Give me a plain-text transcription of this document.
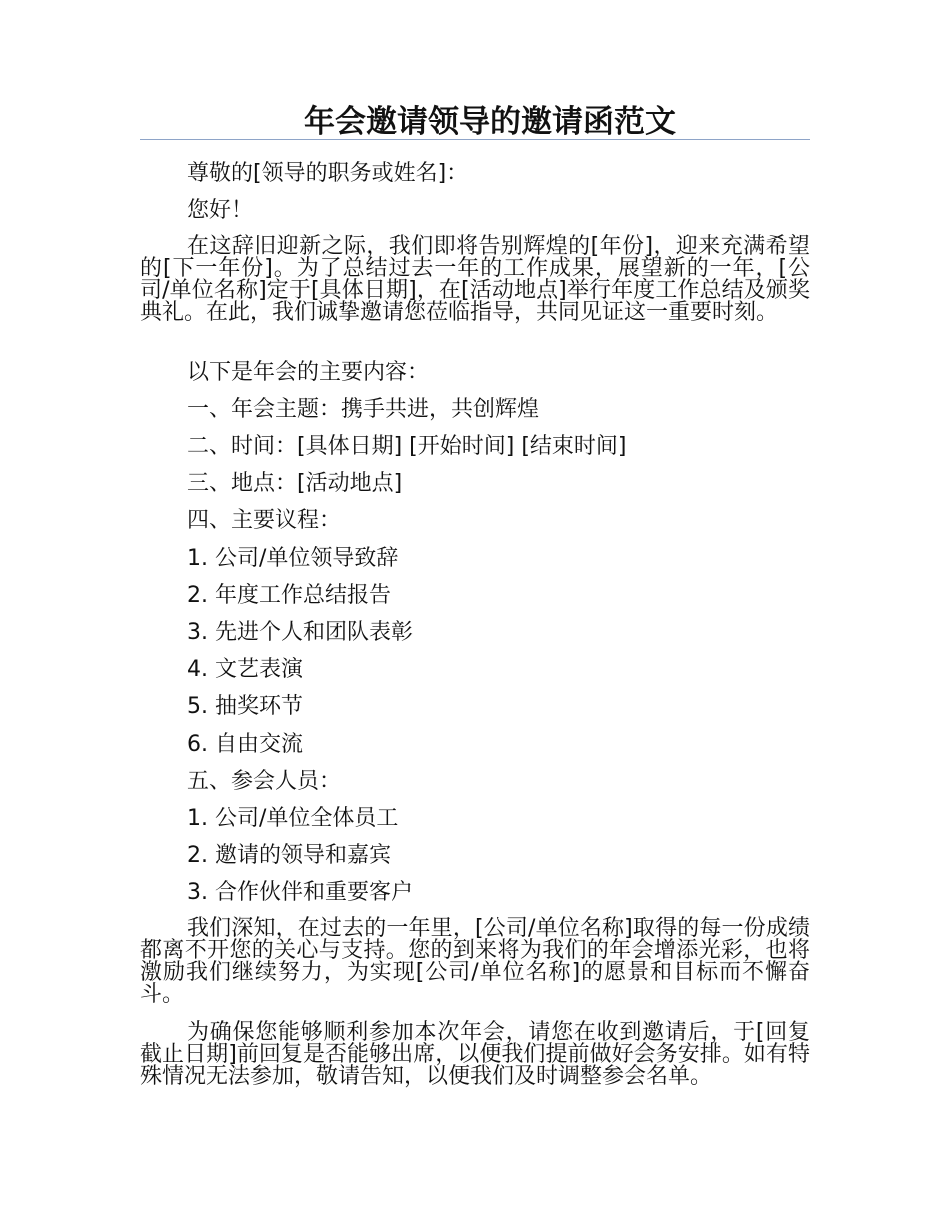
年会邀请领导的邀请函范文

尊敬的[领导的职务或姓名]：

您好！

在这辞旧迎新之际，我们即将告别辉煌的[年份]，迎来充满希望的[下一年份]。为了总结过去一年的工作成果，展望新的一年，[公司/单位名称]定于[具体日期]，在[活动地点]举行年度工作总结及颁奖典礼。在此，我们诚挚邀请您莅临指导，共同见证这一重要时刻。

以下是年会的主要内容：

一、年会主题：携手共进，共创辉煌

二、时间：[具体日期] [开始时间] [结束时间]

三、地点：[活动地点]

四、主要议程：

1. 公司/单位领导致辞

2. 年度工作总结报告

3. 先进个人和团队表彰

4. 文艺表演

5. 抽奖环节

6. 自由交流

五、参会人员：

1. 公司/单位全体员工

2. 邀请的领导和嘉宾

3. 合作伙伴和重要客户

我们深知，在过去的一年里，[公司/单位名称]取得的每一份成绩都离不开您的关心与支持。您的到来将为我们的年会增添光彩，也将激励我们继续努力，为实现[公司/单位名称]的愿景和目标而不懈奋斗。

为确保您能够顺利参加本次年会，请您在收到邀请后，于[回复截止日期]前回复是否能够出席，以便我们提前做好会务安排。如有特殊情况无法参加，敬请告知，以便我们及时调整参会名单。
